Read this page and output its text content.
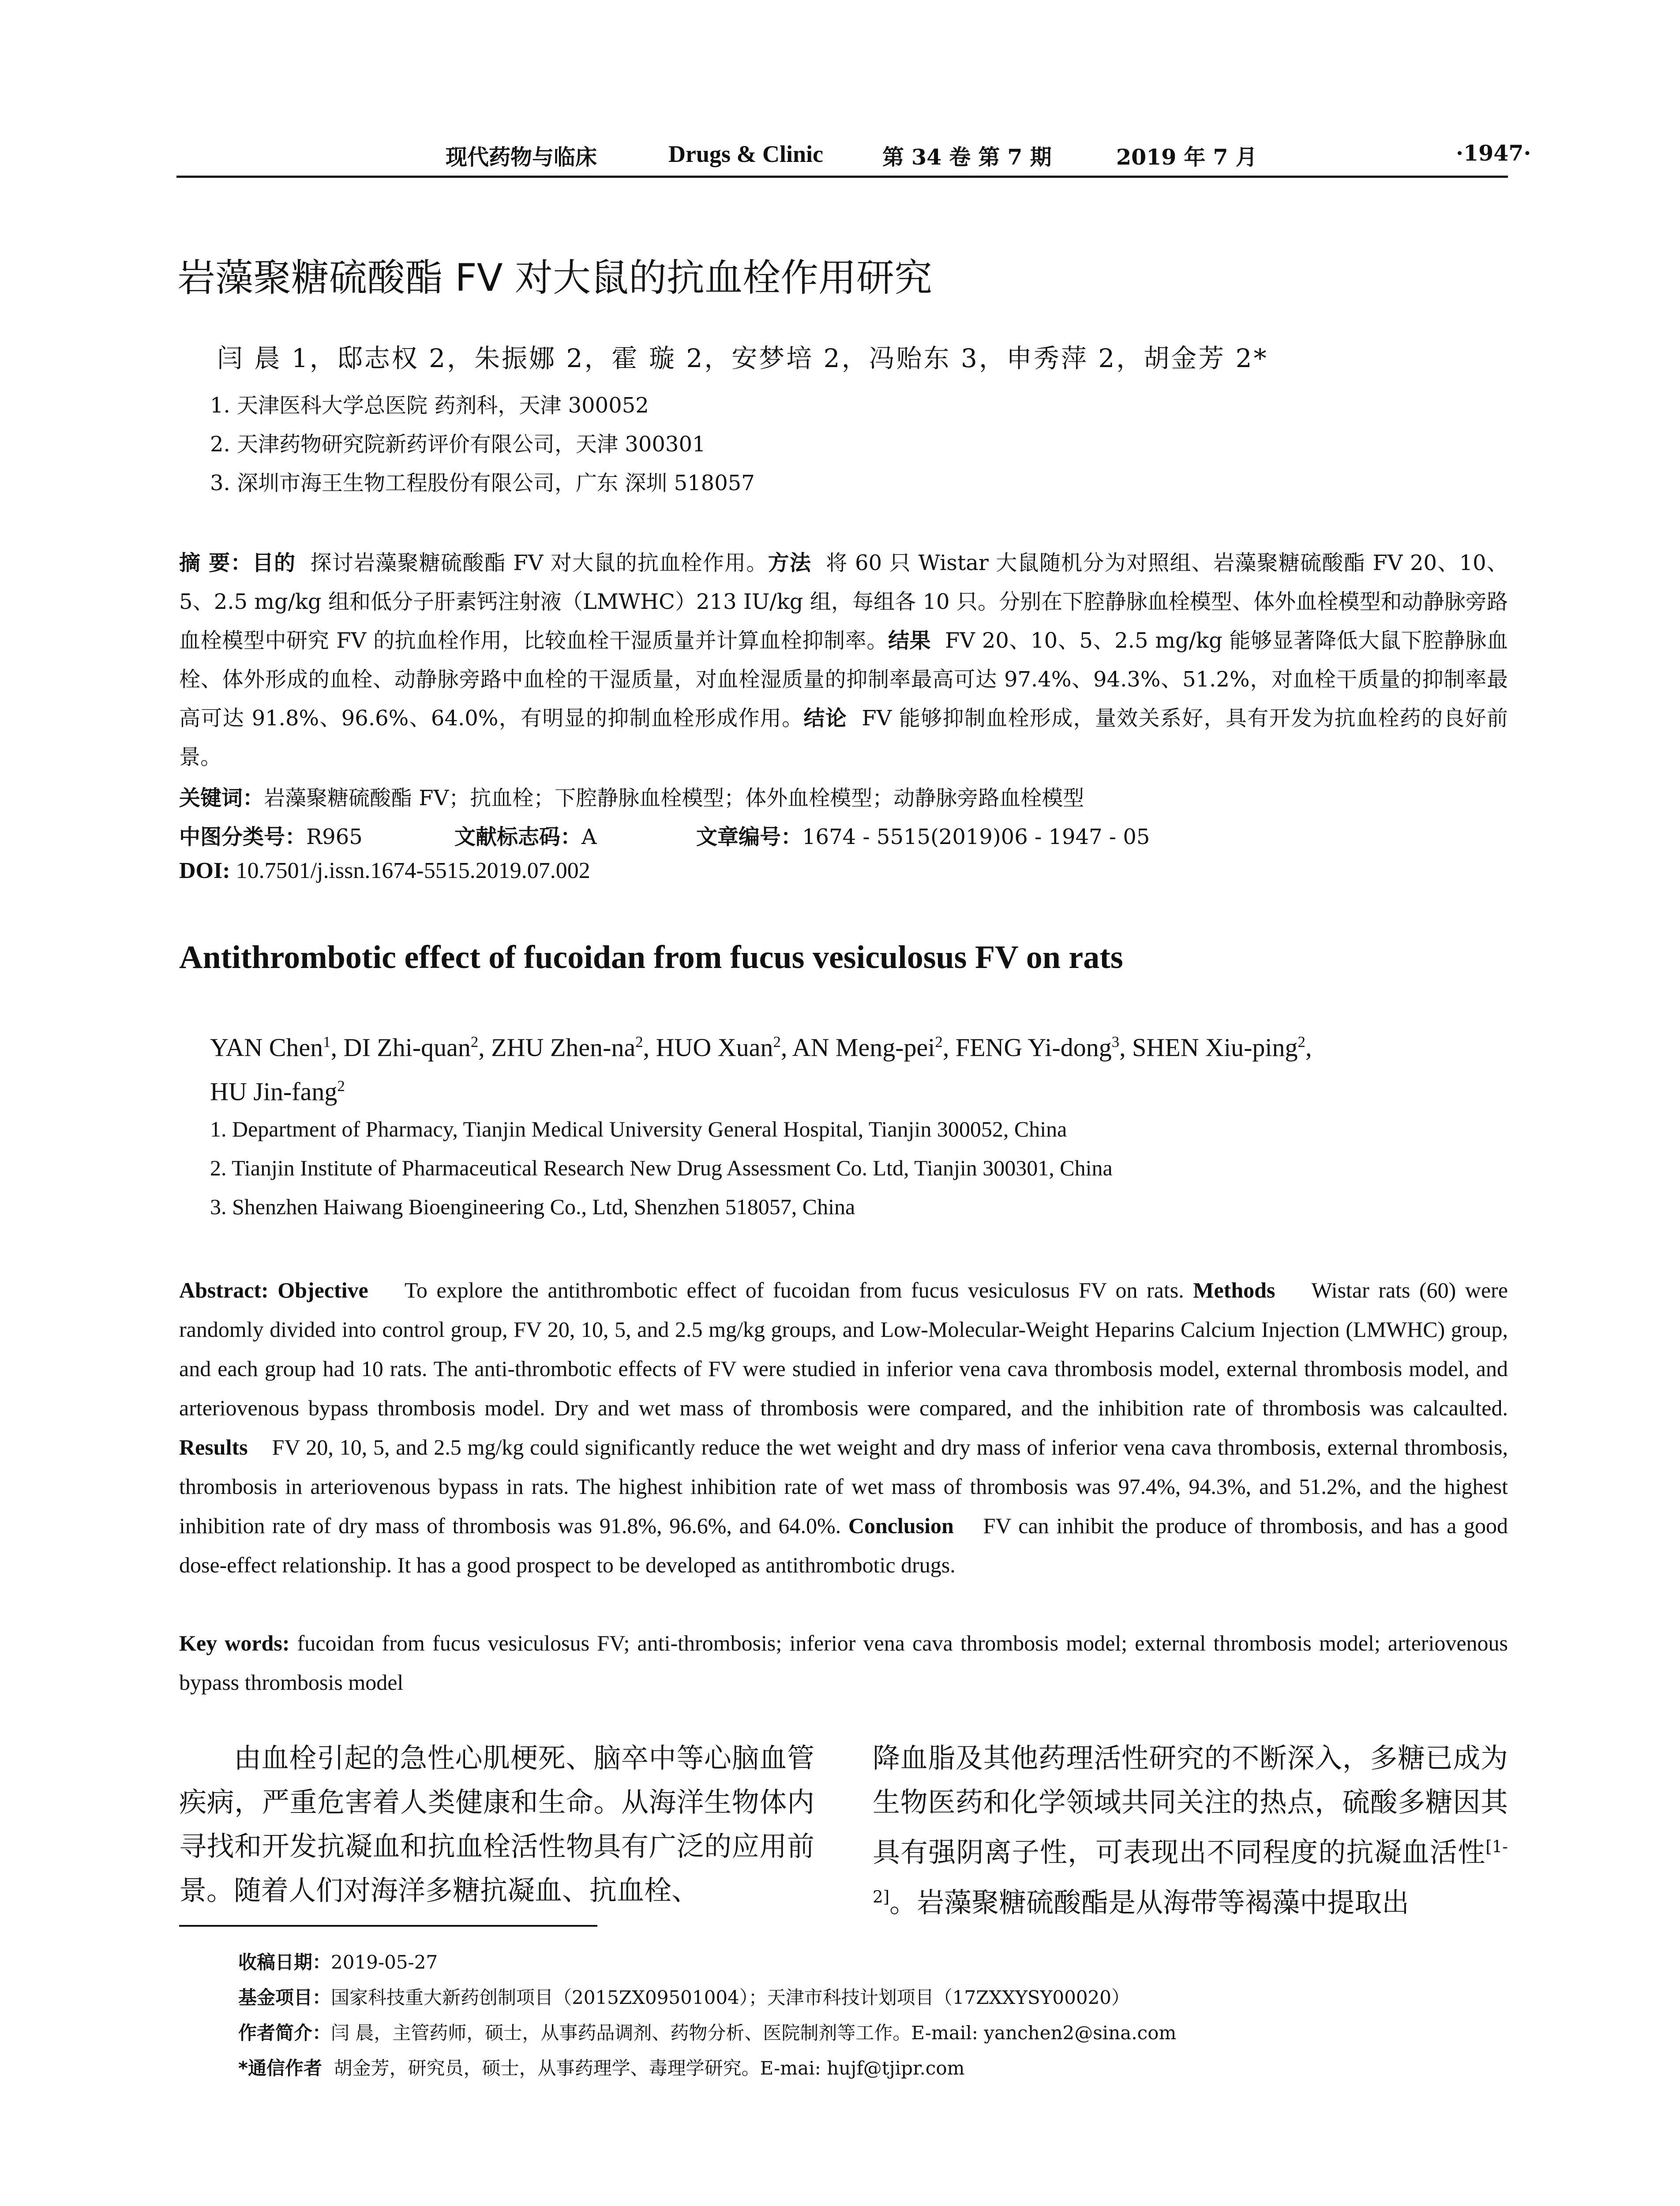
现代药物与临床	Drugs & Clinic	第 34 卷 第 7 期	2019 年 7 月	·1947·
岩藻聚糖硫酸酯 FV 对大鼠的抗血栓作用研究
闫 晨 1，邸志权 2，朱振娜 2，霍 璇 2，安梦培 2，冯贻东 3，申秀萍 2，胡金芳 2*
1. 天津医科大学总医院 药剂科，天津 300052
2. 天津药物研究院新药评价有限公司，天津 300301
3. 深圳市海王生物工程股份有限公司，广东 深圳 518057
摘 要：目的 探讨岩藻聚糖硫酸酯 FV 对大鼠的抗血栓作用。方法 将 60 只 Wistar 大鼠随机分为对照组、岩藻聚糖硫酸酯 FV 20、10、5、2.5 mg/kg 组和低分子肝素钙注射液（LMWHC）213 IU/kg 组，每组各 10 只。分别在下腔静脉血栓模型、体外血栓模型和动静脉旁路血栓模型中研究 FV 的抗血栓作用，比较血栓干湿质量并计算血栓抑制率。结果 FV 20、10、5、2.5 mg/kg 能够显著降低大鼠下腔静脉血栓、体外形成的血栓、动静脉旁路中血栓的干湿质量，对血栓湿质量的抑制率最高可达 97.4%、94.3%、51.2%，对血栓干质量的抑制率最高可达 91.8%、96.6%、64.0%，有明显的抑制血栓形成作用。结论 FV 能够抑制血栓形成，量效关系好，具有开发为抗血栓药的良好前景。
关键词：岩藻聚糖硫酸酯 FV；抗血栓；下腔静脉血栓模型；体外血栓模型；动静脉旁路血栓模型
中图分类号：R965	文献标志码：A	文章编号：1674 - 5515(2019)06 - 1947 - 05
DOI: 10.7501/j.issn.1674-5515.2019.07.002
Antithrombotic effect of fucoidan from fucus vesiculosus FV on rats
YAN Chen$^1$, DI Zhi-quan$^2$, ZHU Zhen-$na^2$, HUO Xuan$^2$, AN Meng-pei$^2$, FENG Yi-dong$^3$, SHEN Xiu-ping$^2$,
HU Jin-fang$^2$
1. Department of Pharmacy, Tianjin Medical University General Hospital, Tianjin 300052, China
2. Tianjin Institute of Pharmaceutical Research New Drug Assessment Co. Ltd, Tianjin 300301, China
3. Shenzhen Haiwang Bioengineering Co., Ltd, Shenzhen 518057, China
Abstract: Objective To explore the antithrombotic effect of fucoidan from fucus vesiculosus FV on rats. Methods Wistar rats (60) were randomly divided into control group, FV 20, 10, 5, and 2.5 mg/kg groups, and Low-Molecular-Weight Heparins Calcium Injection (LMWHC) group, and each group had 10 rats. The anti-thrombotic effects of FV were studied in inferior vena cava thrombosis model, external thrombosis model, and arteriovenous bypass thrombosis model. Dry and wet mass of thrombosis were compared, and the inhibition rate of thrombosis was calcaulted. Results FV 20, 10, 5, and 2.5 mg/kg could significantly reduce the wet weight and dry mass of inferior vena cava thrombosis, external thrombosis, thrombosis in arteriovenous bypass in rats. The highest inhibition rate of wet mass of thrombosis was 97.4%, 94.3%, and 51.2%, and the highest inhibition rate of dry mass of thrombosis was 91.8%, 96.6%, and 64.0%. Conclusion FV can inhibit the produce of thrombosis, and has a good dose-effect relationship. It has a good prospect to be developed as antithrombotic drugs.
Key words: fucoidan from fucus vesiculosus FV; anti-thrombosis; inferior vena cava thrombosis model; external thrombosis model; arteriovenous bypass thrombosis model
由血栓引起的急性心肌梗死、脑卒中等心脑血管疾病，严重危害着人类健康和生命。从海洋生物体内寻找和开发抗凝血和抗血栓活性物具有广泛的应用前景。随着人们对海洋多糖抗凝血、抗血栓、
降血脂及其他药理活性研究的不断深入，多糖已成为生物医药和化学领域共同关注的热点，硫酸多糖因其具有强阴离子性，可表现出不同程度的抗凝血活性[1-2]。岩藻聚糖硫酸酯是从海带等褐藻中提取出
收稿日期：2019-05-27
基金项目：国家科技重大新药创制项目（2015ZX09501004）；天津市科技计划项目（17ZXXYSY00020）
作者简介：闫 晨，主管药师，硕士，从事药品调剂、药物分析、医院制剂等工作。E-mail: yanchen2@sina.com
*通信作者 胡金芳，研究员，硕士，从事药理学、毒理学研究。E-mai: hujf@tjipr.com
